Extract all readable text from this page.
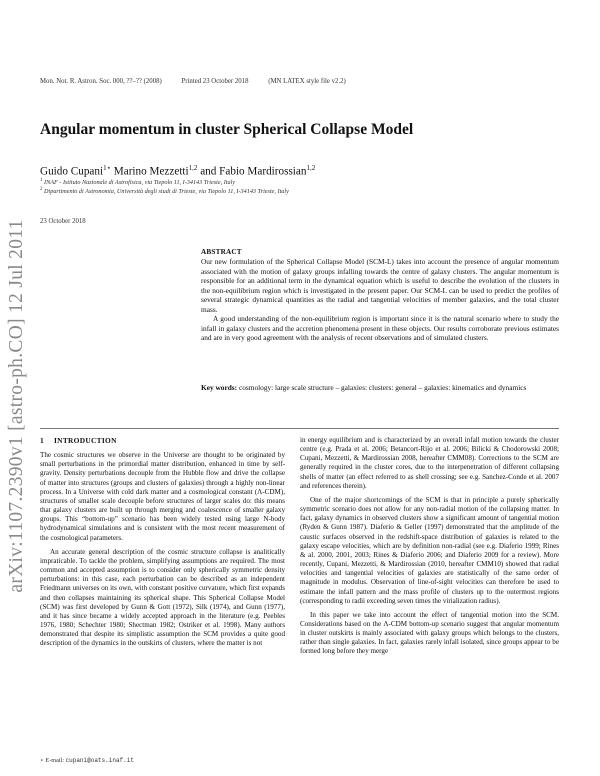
Mon. Not. R. Astron. Soc. 000, ??–?? (2008)	Printed 23 October 2018	(MN LATEX style file v2.2)
arXiv:1107.2390v1 [astro-ph.CO] 12 Jul 2011
Angular momentum in cluster Spherical Collapse Model
Guido Cupani$^{1⋆}$ Marino Mezzetti$^{1,2}$ and Fabio Mardirossian$^{1,2}$
$^1$ INAF - Istituto Nazionale di Astrofisica, via Tiepolo 11, I-34143 Trieste, Italy
$^2$ Dipartimento di Astronomia, Università degli studi di Trieste, via Tiepolo 11, I-34143 Trieste, Italy
23 October 2018

ABSTRACT

Our new formulation of the Spherical Collapse Model (SCM-L) takes into account the presence of angular momentum associated with the motion of galaxy groups infalling towards the centre of galaxy clusters. The angular momentum is responsible for an additional term in the dynamical equation which is useful to describe the evolution of the clusters in the non-equilibrium region which is investigated in the present paper. Our SCM-L can be used to predict the profiles of several strategic dynamical quantities as the radial and tangential velocities of member galaxies, and the total cluster mass.

A good understanding of the non-equilibrium region is important since it is the natural scenario where to study the infall in galaxy clusters and the accretion phenomena present in these objects. Our results corroborate previous estimates and are in very good agreement with the analysis of recent observations and of simulated clusters.

Key words: cosmology: large scale structure – galaxies: clusters: general – galaxies: kinematics and dynamics

1 INTRODUCTION

The cosmic structures we observe in the Universe are thought to be originated by small perturbations in the primordial matter distribution, enhanced in time by self-gravity. Density perturbations decouple from the Hubble flow and drive the collapse of matter into structures (groups and clusters of galaxies) through a highly non-linear process. In a Universe with cold dark matter and a cosmological constant (Λ-CDM), structures of smaller scale decouple before structures of larger scales do: this means that galaxy clusters are built up through merging and coalescence of smaller galaxy groups. This “bottom-up” scenario has been widely tested using large N-body hydrodynamical simulations and is consistent with the most recent measurement of the cosmological parameters.

An accurate general description of the cosmic structure collapse is analitically impraticable. To tackle the problem, simplifying assumptions are required. The most common and accepted assumption is to consider only spherically symmetric density perturbations: in this case, each perturbation can be described as an independent Friedmann universes on its own, with constant positive curvature, which first expands and then collapses maintaining its spherical shape. This Spherical Collapse Model (SCM) was first developed by Gunn & Gott (1972), Silk (1974), and Gunn (1977), and it has since became a widely accepted approach in the literature (e.g. Peebles 1976, 1980; Schechter 1980; Shectman 1982; Ostriker et al. 1998). Many authors demonstrated that despite its simplistic assumption the SCM provides a quite good description of the dynamics in the outskirts of clusters, where the matter is not

in energy equilibrium and is characterized by an overall infall motion towards the cluster centre (e.g. Prada et al. 2006; Betancort-Rijo et al. 2006; Bilicki & Chodorowski 2008; Cupani, Mezzetti, & Mardirossian 2008, hereafter CMM08). Corrections to the SCM are generally required in the cluster cores, due to the interpenetration of different collapsing shells of matter (an effect referred to as shell crossing; see e.g. Sanchez-Conde et al. 2007 and references therein).

One of the major shortcomings of the SCM is that in principle a purely spherically symmetric scenario does not allow for any non-radial motion of the collapsing matter. In fact, galaxy dynamics in observed clusters show a significant amount of tangential motion (Ryden & Gunn 1987). Diaferio & Geller (1997) demonstrated that the amplitude of the caustic surfaces observed in the redshift-space distribution of galaxies is related to the galaxy escape velocities, which are by definition non-radial (see e.g. Diaferio 1999; Rines & al. 2000, 2001, 2003; Rines & Diaferio 2006; and Diaferio 2009 for a review). More recently, Cupani, Mezzetti, & Mardirossian (2010, hereafter CMM10) showed that radial velocities and tangential velocities of galaxies are statistically of the same order of magnitude in modulus. Observation of line-of-sight velocities can therefore be used to estimate the infall pattern and the mass profile of clusters up to the outermost regions (corresponding to radii exceeding seven times the virialization radius).

In this paper we take into account the effect of tangential motion into the SCM. Considerations based on the Λ-CDM bottom-up scenario suggest that angular momentum in cluster outskirts is mainly associated with galaxy groups which belongs to the clusters, rather than single galaxies. In fact, galaxies rarely infall isolated, since groups appear to be formed long before they merge

⋆ E-mail: cupani@oats.inaf.it
